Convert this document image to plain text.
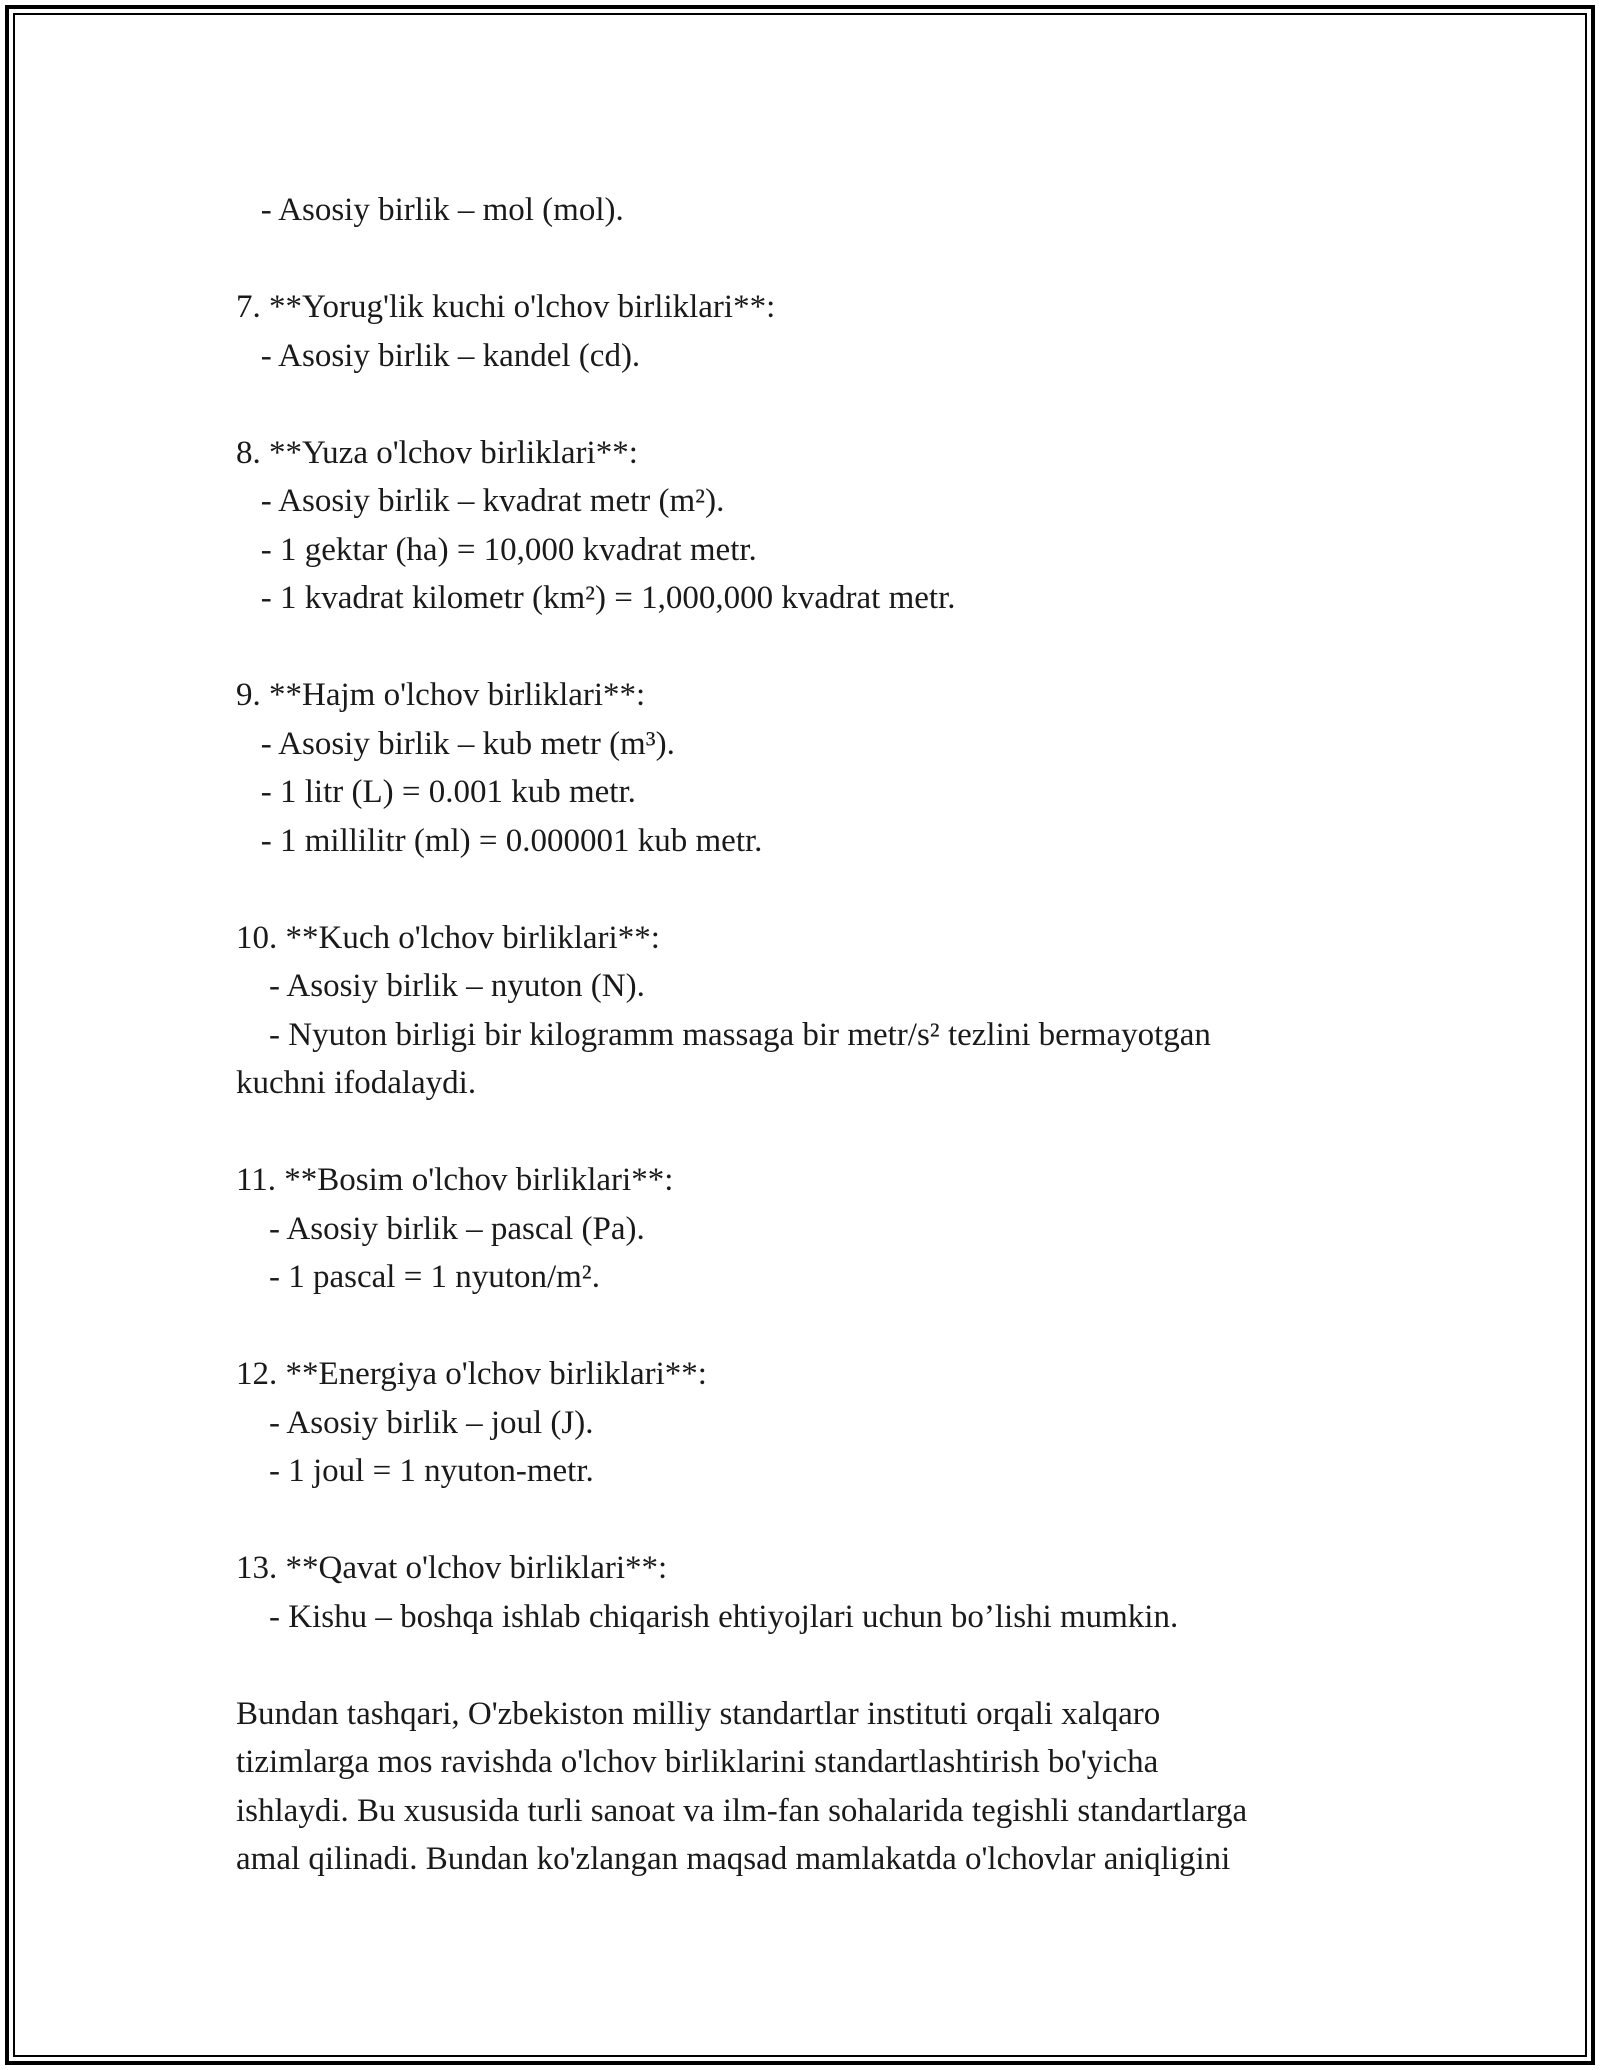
- Asosiy birlik – mol (mol).
7. **Yorug'lik kuchi o'lchov birliklari**:
- Asosiy birlik – kandel (cd).
8. **Yuza o'lchov birliklari**:
- Asosiy birlik – kvadrat metr (m²).
- 1 gektar (ha) = 10,000 kvadrat metr.
- 1 kvadrat kilometr (km²) = 1,000,000 kvadrat metr.
9. **Hajm o'lchov birliklari**:
- Asosiy birlik – kub metr (m³).
- 1 litr (L) = 0.001 kub metr.
- 1 millilitr (ml) = 0.000001 kub metr.
10. **Kuch o'lchov birliklari**:
- Asosiy birlik – nyuton (N).
- Nyuton birligi bir kilogramm massaga bir metr/s² tezlini bermayotgan
kuchni ifodalaydi.
11. **Bosim o'lchov birliklari**:
- Asosiy birlik – pascal (Pa).
- 1 pascal = 1 nyuton/m².
12. **Energiya o'lchov birliklari**:
- Asosiy birlik – joul (J).
- 1 joul = 1 nyuton-metr.
13. **Qavat o'lchov birliklari**:
- Kishu – boshqa ishlab chiqarish ehtiyojlari uchun bo’lishi mumkin.
Bundan tashqari, O'zbekiston milliy standartlar instituti orqali xalqaro
tizimlarga mos ravishda o'lchov birliklarini standartlashtirish bo'yicha
ishlaydi. Bu xususida turli sanoat va ilm-fan sohalarida tegishli standartlarga
amal qilinadi. Bundan ko'zlangan maqsad mamlakatda o'lchovlar aniqligini
